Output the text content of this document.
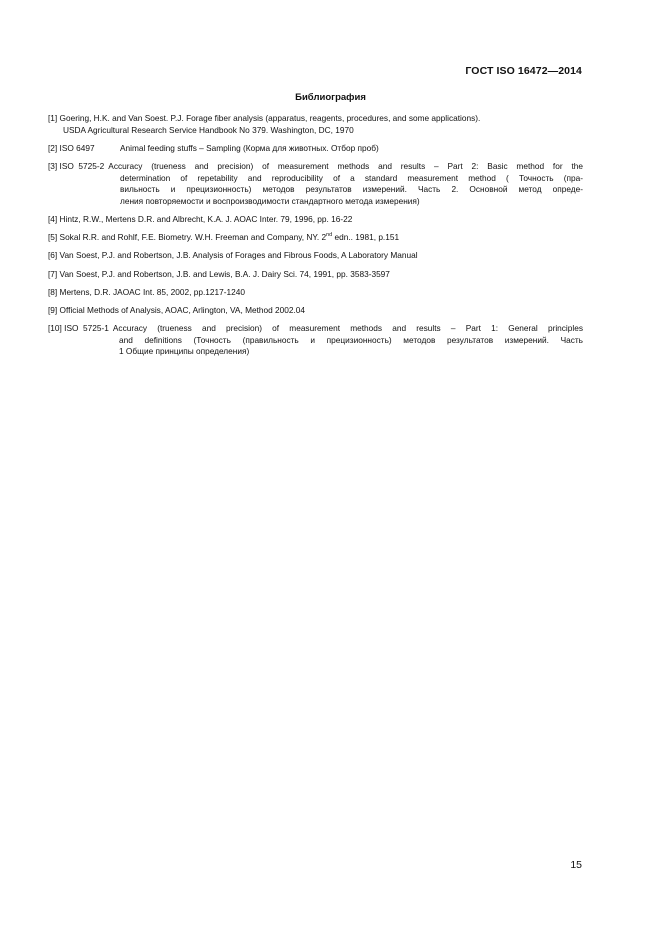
ГОСТ ISO 16472—2014
Библиография
[1] Goering, H.K. and Van Soest. P.J. Forage fiber analysis (apparatus, reagents, procedures, and some applications).
USDA Agricultural Research Service Handbook No 379. Washington, DC, 1970
[2] ISO 6497	Animal feeding stuffs – Sampling (Корма для животных. Отбор проб)
[3] ISO  5725-2 Accuracy (trueness and precision) of measurement methods and results – Part 2: Basic method for the
determination of repetability and reproducibility of a standard measurement method ( Точность (пра-
вильность и прецизионность) методов результатов измерений. Часть 2. Основной метод опреде-
ления повторяемости и воспроизводимости стандартного метода измерения)
[4] Hintz, R.W., Mertens D.R. and Albrecht, K.A. J. AOAC Inter. 79, 1996, pp. 16-22
[5] Sokal R.R. and Rohlf, F.E. Biometry. W.H. Freeman and Company, NY. 2nd edn.. 1981, p.151
[6] Van Soest, P.J. and Robertson, J.B. Analysis of Forages and Fibrous Foods, A Laboratory Manual
[7] Van Soest, P.J. and Robertson, J.B. and Lewis, B.A. J. Dairy Sci. 74, 1991, pp. 3583-3597
[8] Mertens, D.R. JAOAC Int. 85, 2002, pp.1217-1240
[9] Official Methods of Analysis, AOAC, Arlington, VA, Method 2002.04
[10] ISO  5725-1 Accuracy (trueness and precision) of measurement methods and results – Part 1: General principles
and definitions (Точность (правильность и прецизионность) методов результатов измерений. Часть
1 Общие принципы определения)
15
